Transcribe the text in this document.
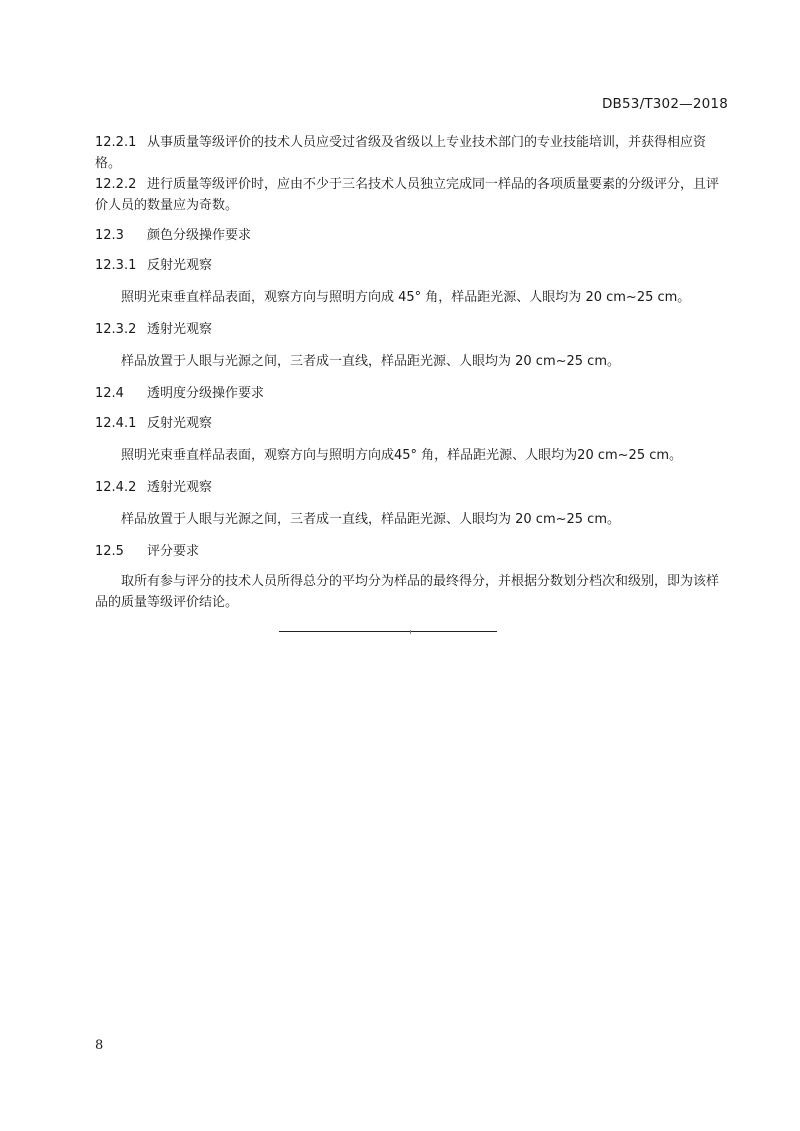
DB53/T302—2018

12.2.1 从事质量等级评价的技术人员应受过省级及省级以上专业技术部门的专业技能培训，并获得相应资格。

12.2.2 进行质量等级评价时，应由不少于三名技术人员独立完成同一样品的各项质量要素的分级评分，且评价人员的数量应为奇数。

12.3 颜色分级操作要求

12.3.1 反射光观察

照明光束垂直样品表面，观察方向与照明方向成 45° 角，样品距光源、人眼均为 20 cm~25 cm。

12.3.2 透射光观察

样品放置于人眼与光源之间，三者成一直线，样品距光源、人眼均为 20 cm~25 cm。

12.4 透明度分级操作要求

12.4.1 反射光观察

照明光束垂直样品表面，观察方向与照明方向成45° 角，样品距光源、人眼均为20 cm~25 cm。

12.4.2 透射光观察

样品放置于人眼与光源之间，三者成一直线，样品距光源、人眼均为 20 cm~25 cm。

12.5 评分要求

取所有参与评分的技术人员所得总分的平均分为样品的最终得分，并根据分数划分档次和级别，即为该样品的质量等级评价结论。

8
